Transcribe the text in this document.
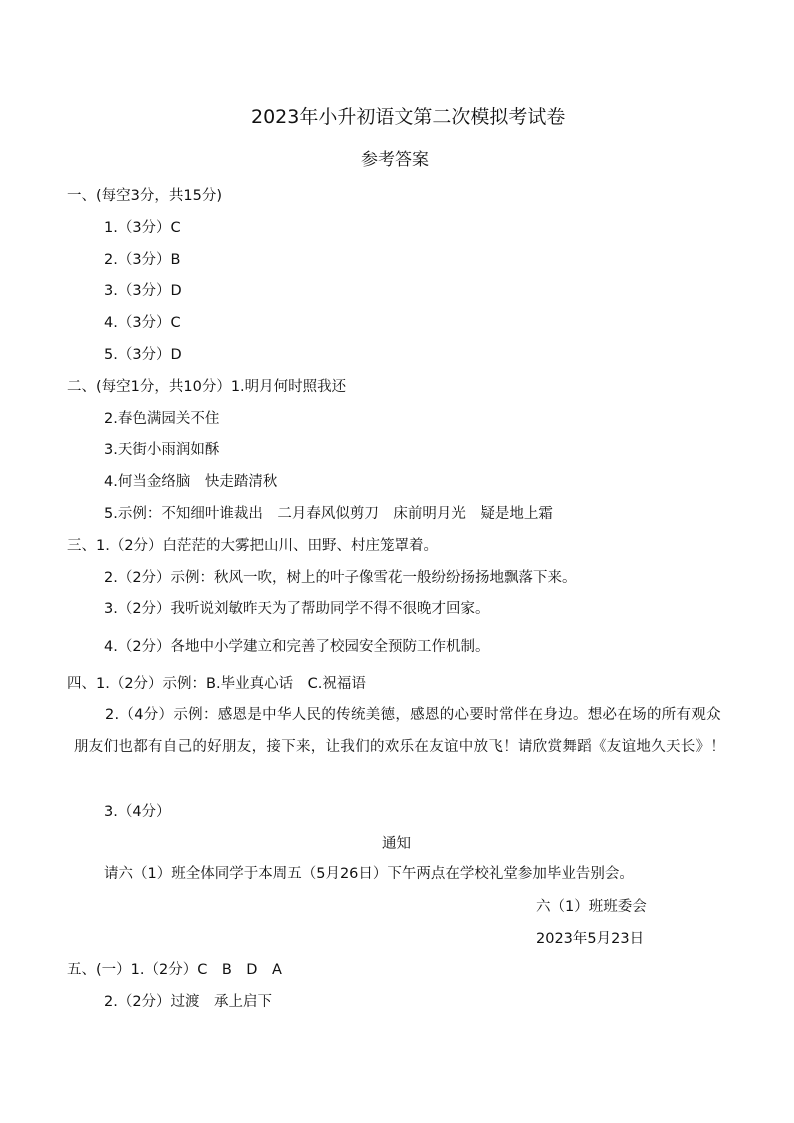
2023年小升初语文第二次模拟考试卷
参考答案
一、(每空3分，共15分)
1.（3分）C
2.（3分）B
3.（3分）D
4.（3分）C
5.（3分）D
二、(每空1分，共10分）1.明月何时照我还
2.春色满园关不住
3.天街小雨润如酥
4.何当金络脑　快走踏清秋
5.示例：不知细叶谁裁出　二月春风似剪刀　床前明月光　疑是地上霜
三、1.（2分）白茫茫的大雾把山川、田野、村庄笼罩着。
2.（2分）示例：秋风一吹，树上的叶子像雪花一般纷纷扬扬地飘落下来。
3.（2分）我听说刘敏昨天为了帮助同学不得不很晚才回家。
4.（2分）各地中小学建立和完善了校园安全预防工作机制。
四、1.（2分）示例：B.毕业真心话　C.祝福语
2.（4分）示例：感恩是中华人民的传统美德，感恩的心要时常伴在身边。想必在场的所有观众朋友们也都有自己的好朋友，接下来，让我们的欢乐在友谊中放飞！请欣赏舞蹈《友谊地久天长》！
3.（4分）
通知
请六（1）班全体同学于本周五（5月26日）下午两点在学校礼堂参加毕业告别会。
六（1）班班委会
2023年5月23日
五、(一）1.（2分）C　B　D　A
2.（2分）过渡　承上启下
